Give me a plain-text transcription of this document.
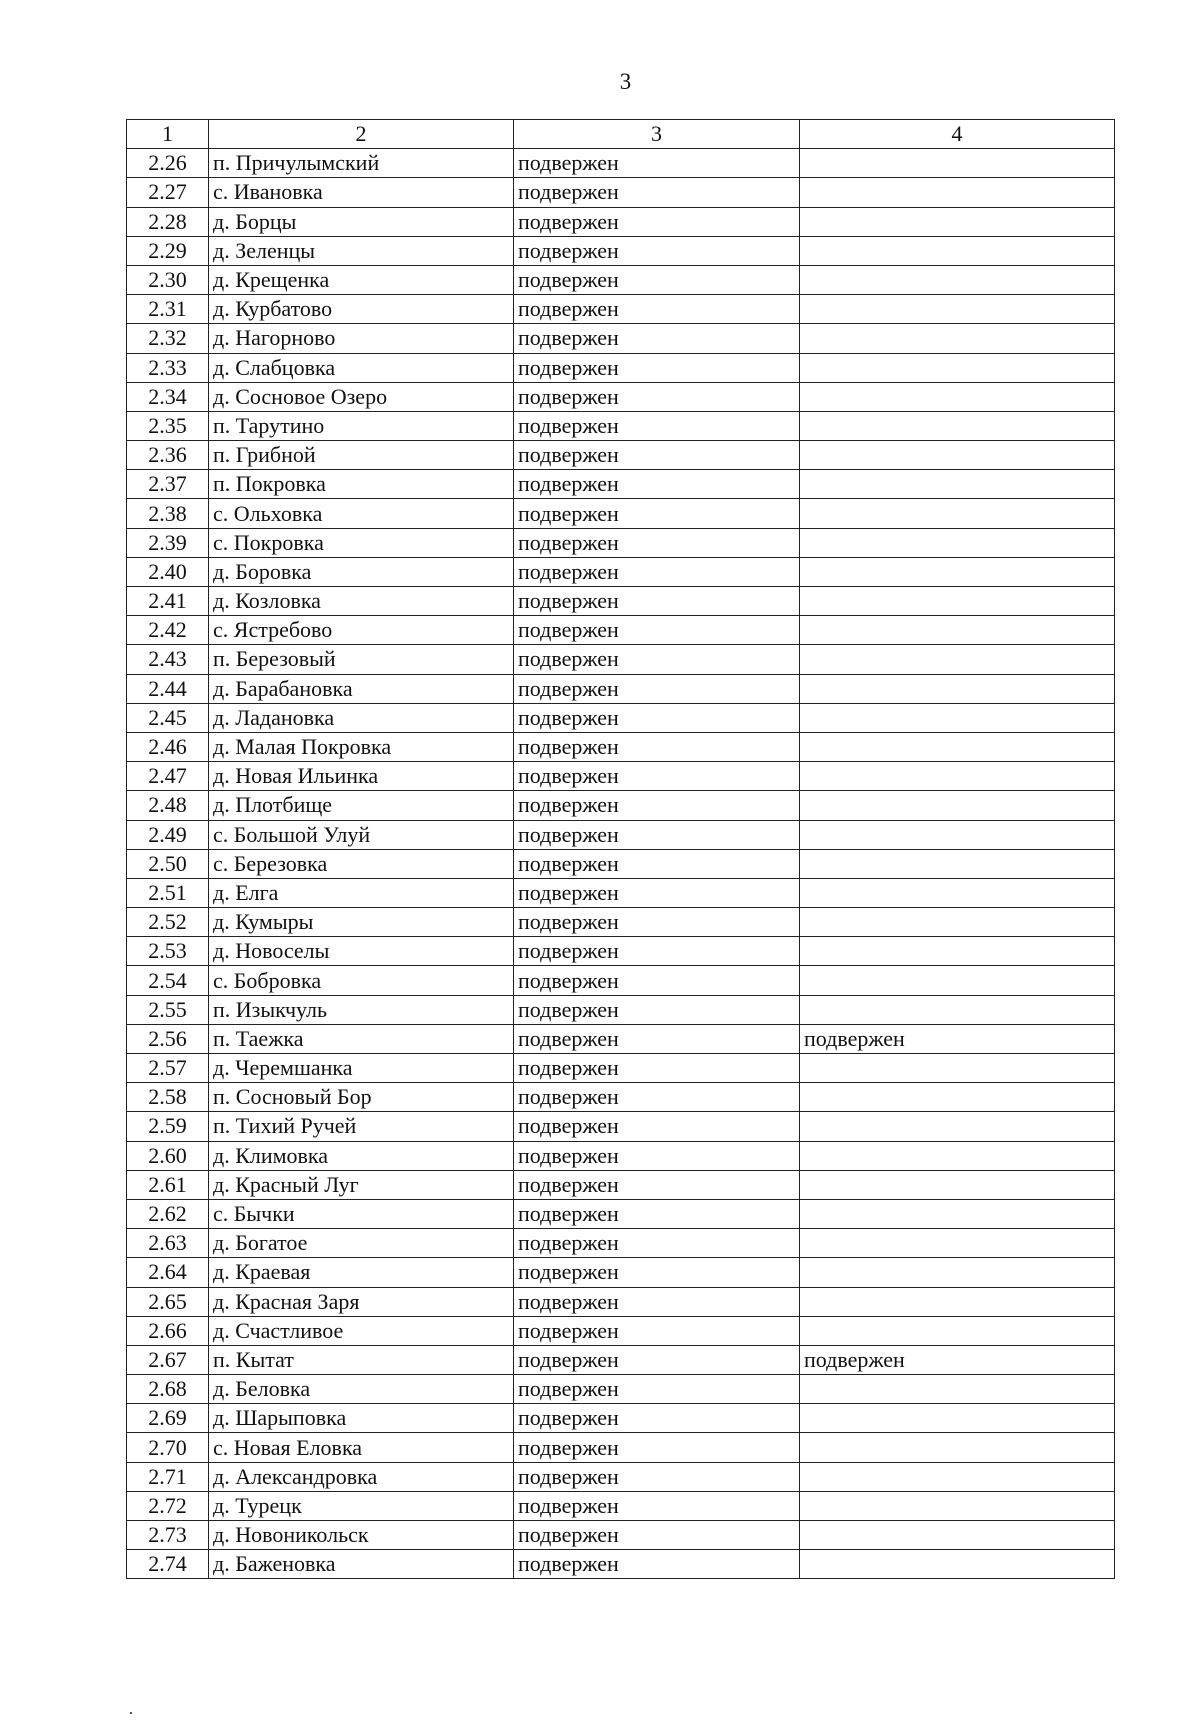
3
1	2	3	4
2.26	п. Причулымский	подвержен	
2.27	с. Ивановка	подвержен	
2.28	д. Борцы	подвержен	
2.29	д. Зеленцы	подвержен	
2.30	д. Крещенка	подвержен	
2.31	д. Курбатово	подвержен	
2.32	д. Нагорново	подвержен	
2.33	д. Слабцовка	подвержен	
2.34	д. Сосновое Озеро	подвержен	
2.35	п. Тарутино	подвержен	
2.36	п. Грибной	подвержен	
2.37	п. Покровка	подвержен	
2.38	с. Ольховка	подвержен	
2.39	с. Покровка	подвержен	
2.40	д. Боровка	подвержен	
2.41	д. Козловка	подвержен	
2.42	с. Ястребово	подвержен	
2.43	п. Березовый	подвержен	
2.44	д. Барабановка	подвержен	
2.45	д. Ладановка	подвержен	
2.46	д. Малая Покровка	подвержен	
2.47	д. Новая Ильинка	подвержен	
2.48	д. Плотбище	подвержен	
2.49	с. Большой Улуй	подвержен	
2.50	с. Березовка	подвержен	
2.51	д. Елга	подвержен	
2.52	д. Кумыры	подвержен	
2.53	д. Новоселы	подвержен	
2.54	с. Бобровка	подвержен	
2.55	п. Изыкчуль	подвержен	
2.56	п. Таежка	подвержен	подвержен
2.57	д. Черемшанка	подвержен	
2.58	п. Сосновый Бор	подвержен	
2.59	п. Тихий Ручей	подвержен	
2.60	д. Климовка	подвержен	
2.61	д. Красный Луг	подвержен	
2.62	с. Бычки	подвержен	
2.63	д. Богатое	подвержен	
2.64	д. Краевая	подвержен	
2.65	д. Красная Заря	подвержен	
2.66	д. Счастливое	подвержен	
2.67	п. Кытат	подвержен	подвержен
2.68	д. Беловка	подвержен	
2.69	д. Шарыповка	подвержен	
2.70	с. Новая Еловка	подвержен	
2.71	д. Александровка	подвержен	
2.72	д. Турецк	подвержен	
2.73	д. Новоникольск	подвержен	
2.74	д. Баженовка	подвержен	
